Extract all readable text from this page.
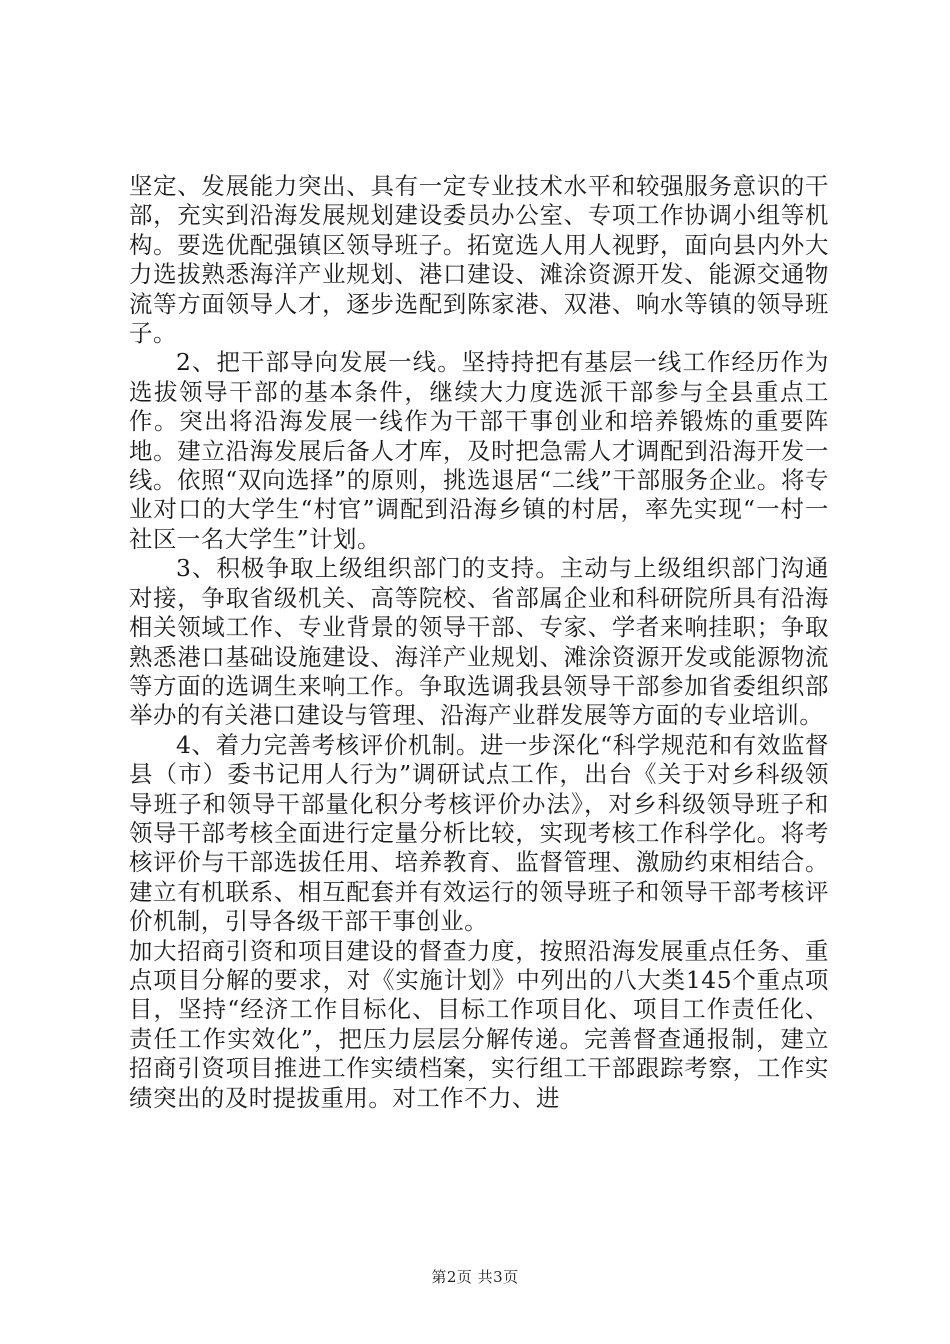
坚定、发展能力突出、具有一定专业技术水平和较强服务意识的干部，充实到沿海发展规划建设委员办公室、专项工作协调小组等机构。要选优配强镇区领导班子。拓宽选人用人视野，面向县内外大力选拔熟悉海洋产业规划、港口建设、滩涂资源开发、能源交通物流等方面领导人才，逐步选配到陈家港、双港、响水等镇的领导班子。

2、把干部导向发展一线。坚持持把有基层一线工作经历作为选拔领导干部的基本条件，继续大力度选派干部参与全县重点工作。突出将沿海发展一线作为干部干事创业和培养锻炼的重要阵地。建立沿海发展后备人才库，及时把急需人才调配到沿海开发一线。依照“双向选择”的原则，挑选退居“二线”干部服务企业。将专业对口的大学生“村官”调配到沿海乡镇的村居，率先实现“一村一社区一名大学生”计划。

3、积极争取上级组织部门的支持。主动与上级组织部门沟通对接，争取省级机关、高等院校、省部属企业和科研院所具有沿海相关领域工作、专业背景的领导干部、专家、学者来响挂职；争取熟悉港口基础设施建设、海洋产业规划、滩涂资源开发或能源物流等方面的选调生来响工作。争取选调我县领导干部参加省委组织部举办的有关港口建设与管理、沿海产业群发展等方面的专业培训。

4、着力完善考核评价机制。进一步深化“科学规范和有效监督县（市）委书记用人行为”调研试点工作，出台《关于对乡科级领导班子和领导干部量化积分考核评价办法》，对乡科级领导班子和领导干部考核全面进行定量分析比较，实现考核工作科学化。将考核评价与干部选拔任用、培养教育、监督管理、激励约束相结合。建立有机联系、相互配套并有效运行的领导班子和领导干部考核评价机制，引导各级干部干事创业。

加大招商引资和项目建设的督查力度，按照沿海发展重点任务、重点项目分解的要求，对《实施计划》中列出的八大类145个重点项目，坚持“经济工作目标化、目标工作项目化、项目工作责任化、责任工作实效化”，把压力层层分解传递。完善督查通报制，建立招商引资项目推进工作实绩档案，实行组工干部跟踪考察，工作实绩突出的及时提拔重用。对工作不力、进

第2页 共3页
